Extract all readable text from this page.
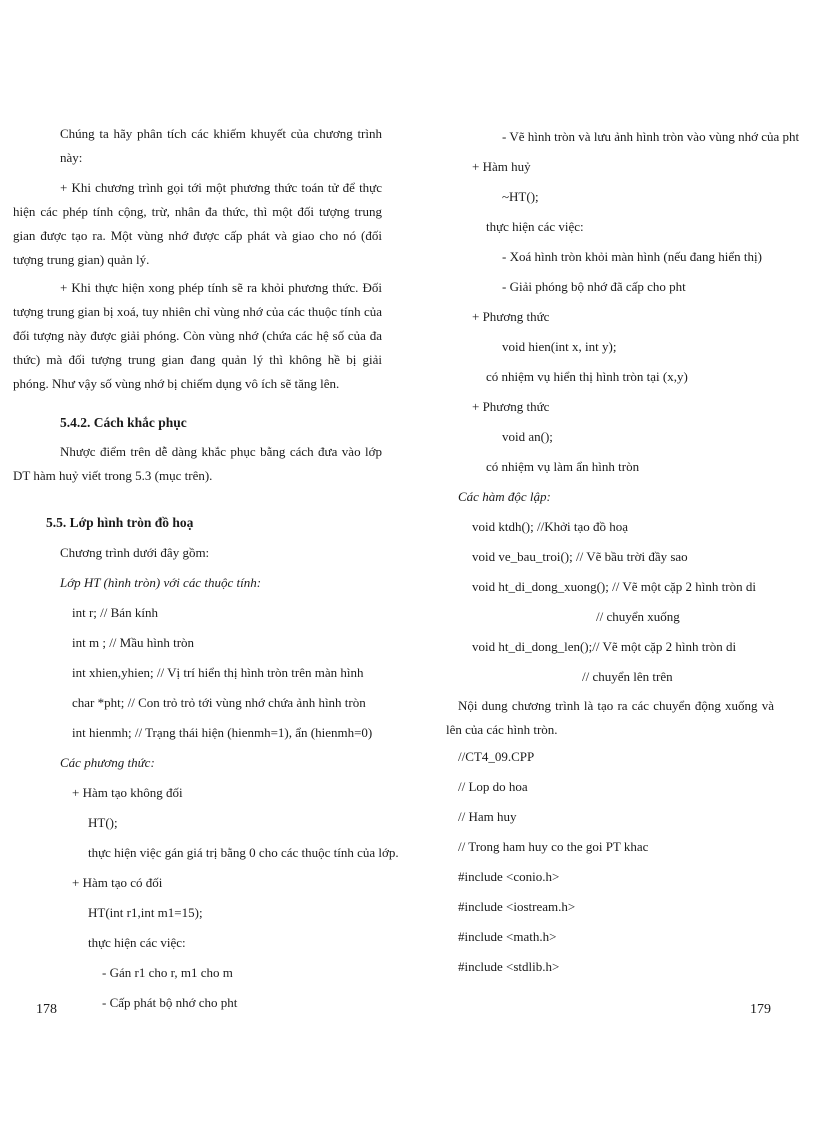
Chúng ta hãy phân tích các khiếm khuyết của chương trình này:

+ Khi chương trình gọi tới một phương thức toán tử để thực hiện các phép tính cộng, trừ, nhân đa thức, thì một đối tượng trung gian được tạo ra. Một vùng nhớ được cấp phát và giao cho nó (đối tượng trung gian) quản lý.

+ Khi thực hiện xong phép tính sẽ ra khỏi phương thức. Đối tượng trung gian bị xoá, tuy nhiên chỉ vùng nhớ của các thuộc tính của đối tượng này được giải phóng. Còn vùng nhớ (chứa các hệ số của đa thức) mà đối tượng trung gian đang quản lý thì không hề bị giải phóng. Như vậy số vùng nhớ bị chiếm dụng vô ích sẽ tăng lên.

5.4.2. Cách khắc phục

Nhược điểm trên dễ dàng khắc phục bằng cách đưa vào lớp DT hàm huỷ viết trong 5.3 (mục trên).

5.5. Lớp hình tròn đồ hoạ
Chương trình dưới đây gồm:
Lớp HT (hình tròn) với các thuộc tính:
int r; // Bán kính
int m ; // Mầu hình tròn
int xhien,yhien; // Vị trí hiển thị hình tròn trên màn hình
char *pht; // Con trỏ trỏ tới vùng nhớ chứa ảnh hình tròn
int hienmh; // Trạng thái hiện (hienmh=1), ẩn (hienmh=0)
Các phương thức:
+ Hàm tạo không đối
HT();
thực hiện việc gán giá trị bằng 0 cho các thuộc tính của lớp.
+ Hàm tạo có đối
HT(int r1,int m1=15);
thực hiện các việc:
- Gán r1 cho r, m1 cho m
- Cấp phát bộ nhớ cho pht
- Vẽ hình tròn và lưu ảnh hình tròn vào vùng nhớ của pht
+ Hàm huỷ
~HT();
thực hiện các việc:
- Xoá hình tròn khỏi màn hình (nếu đang hiển thị)
- Giải phóng bộ nhớ đã cấp cho pht
+ Phương thức
void hien(int x, int y);
có nhiệm vụ hiển thị hình tròn tại (x,y)
+ Phương thức
void an();
có nhiệm vụ làm ẩn hình tròn
Các hàm độc lập:
void ktdh(); //Khởi tạo đồ hoạ
void ve_bau_troi(); // Vẽ bầu trời đầy sao
void ht_di_dong_xuong(); // Vẽ một cặp 2 hình tròn di
// chuyển xuống
void ht_di_dong_len();// Vẽ một cặp 2 hình tròn di
// chuyển lên trên

Nội dung chương trình là tạo ra các chuyển động xuống và lên của các hình tròn.

//CT4_09.CPP
// Lop do hoa
// Ham huy
// Trong ham huy co the goi PT khac
#include <conio.h>
#include <iostream.h>
#include <math.h>
#include <stdlib.h>
178	179
